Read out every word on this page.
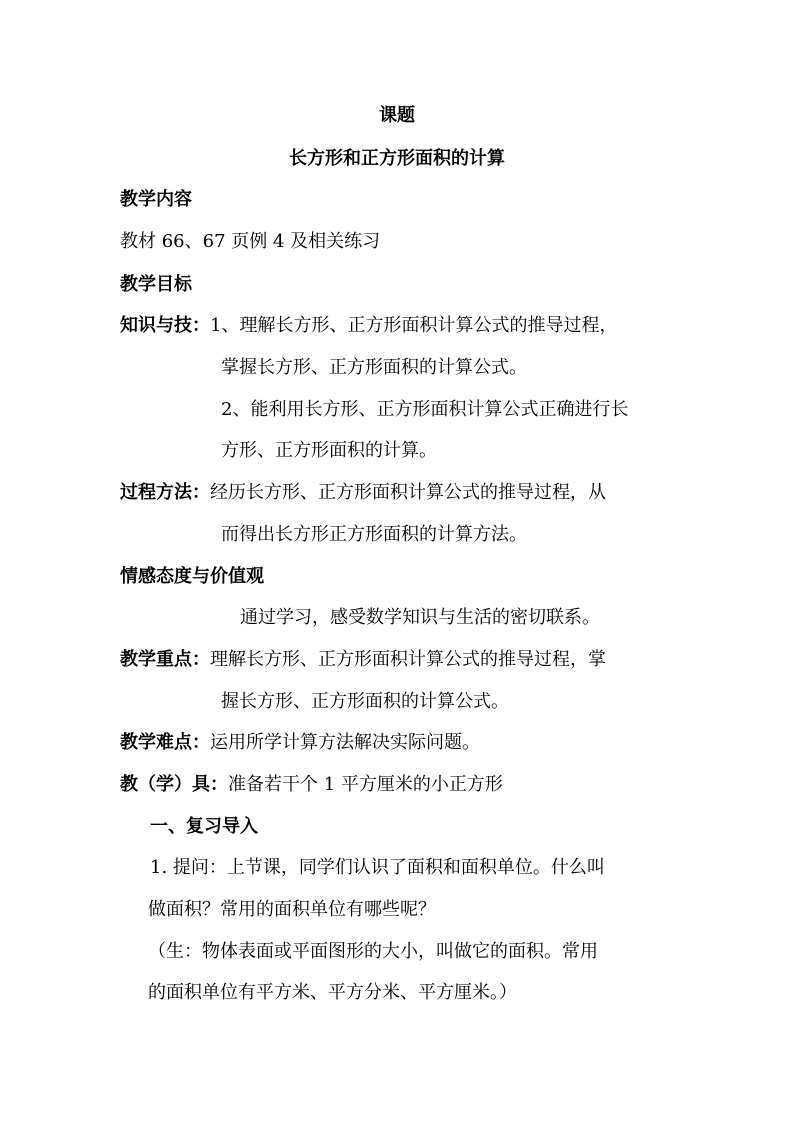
课题
长方形和正方形面积的计算
教学内容
教材 66、67 页例 4 及相关练习
教学目标
知识与技： 1、理解长方形、正方形面积计算公式的推导过程，
掌握长方形、正方形面积的计算公式。
2、能利用长方形、正方形面积计算公式正确进行长
方形、正方形面积的计算。
过程方法： 经历长方形、正方形面积计算公式的推导过程，从
而得出长方形正方形面积的计算方法。
情感态度与价值观
通过学习，感受数学知识与生活的密切联系。
教学重点： 理解长方形、正方形面积计算公式的推导过程，掌
握长方形、正方形面积的计算公式。
教学难点： 运用所学计算方法解决实际问题。
教（学）具： 准备若干个 1 平方厘米的小正方形
一、复习导入
1. 提问：上节课，同学们认识了面积和面积单位。什么叫
做面积？常用的面积单位有哪些呢？
（生：物体表面或平面图形的大小，叫做它的面积。常用
的面积单位有平方米、平方分米、平方厘米。）
